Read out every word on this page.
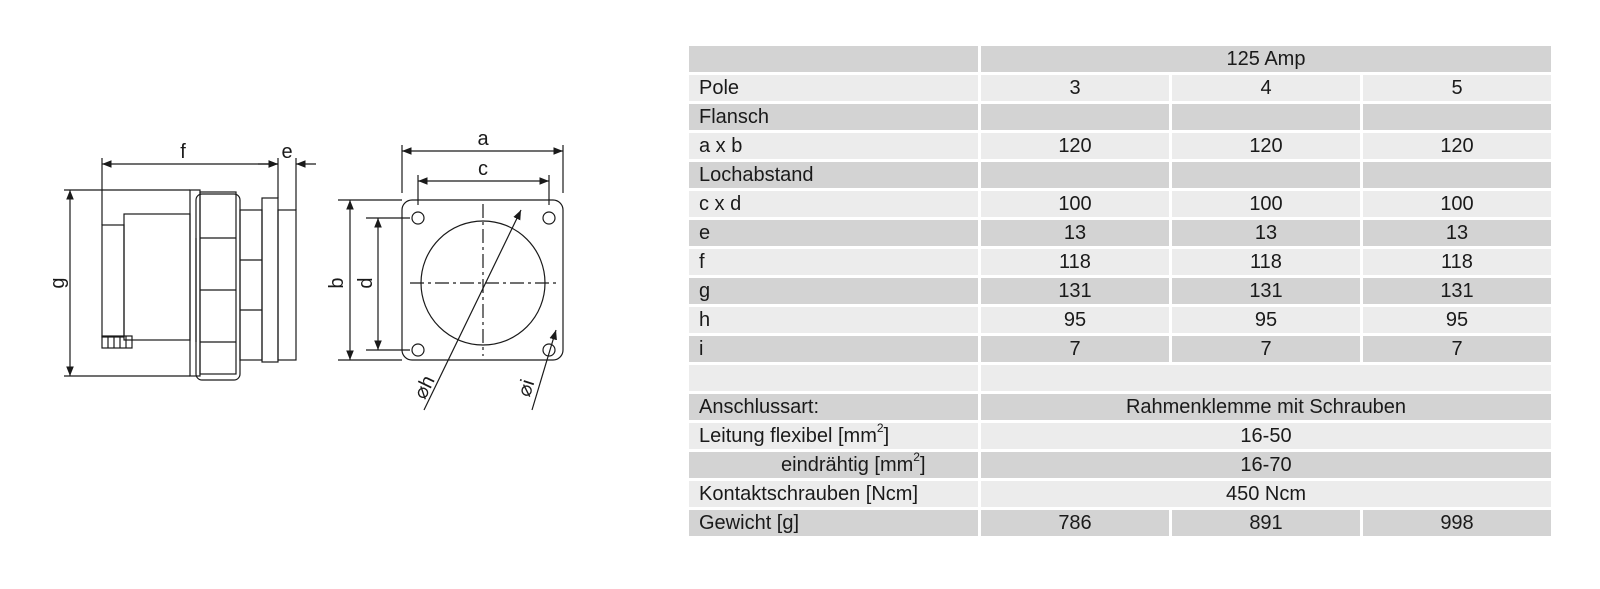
f	e
g
a
c
b d
⌀h	⌀i
	125 Amp		
Pole	3	4	5
Flansch			
a x b	120	120	120
Lochabstand			
c x d	100	100	100
e	13	13	13
f	118	118	118
g	131	131	131
h	95	95	95
i	7	7	7

Anschlussart:	Rahmenklemme mit Schrauben		
Leitung flexibel $[mm^2]$	16-50		
eindrähtig $[mm^2]$	16-70		
Kontaktschrauben [Ncm]	450 Ncm		
Gewicht [g]	786	891	998
